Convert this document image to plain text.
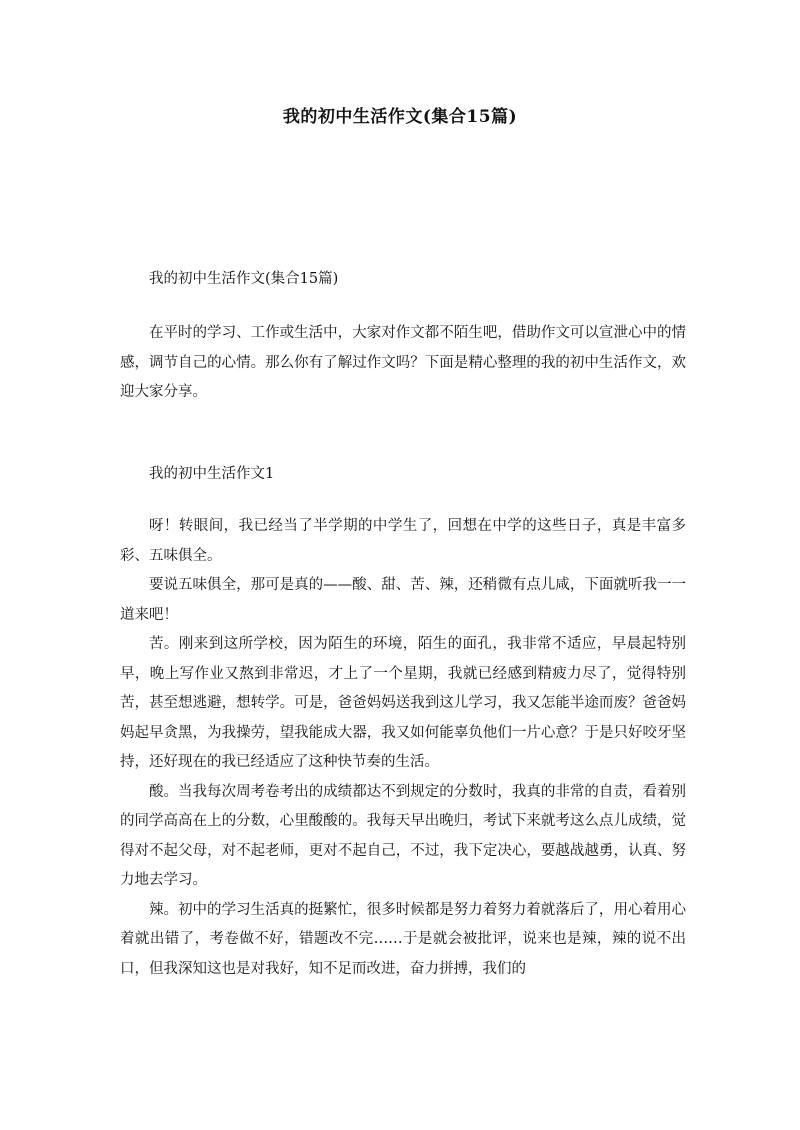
我的初中生活作文(集合15篇)

我的初中生活作文(集合15篇)

在平时的学习、工作或生活中，大家对作文都不陌生吧，借助作文可以宣泄心中的情感，调节自己的心情。那么你有了解过作文吗？下面是精心整理的我的初中生活作文，欢迎大家分享。

我的初中生活作文1

呀！转眼间，我已经当了半学期的中学生了，回想在中学的这些日子，真是丰富多彩、五味俱全。

要说五味俱全，那可是真的——酸、甜、苦、辣，还稍微有点儿咸，下面就听我一一道来吧！

苦。刚来到这所学校，因为陌生的环境，陌生的面孔，我非常不适应，早晨起特别早，晚上写作业又熬到非常迟，才上了一个星期，我就已经感到精疲力尽了，觉得特别苦，甚至想逃避，想转学。可是，爸爸妈妈送我到这儿学习，我又怎能半途而废？爸爸妈妈起早贪黑，为我操劳，望我能成大器，我又如何能辜负他们一片心意？于是只好咬牙坚持，还好现在的我已经适应了这种快节奏的生活。

酸。当我每次周考卷考出的成绩都达不到规定的分数时，我真的非常的自责，看着别的同学高高在上的分数，心里酸酸的。我每天早出晚归，考试下来就考这么点儿成绩，觉得对不起父母，对不起老师，更对不起自己，不过，我下定决心，要越战越勇，认真、努力地去学习。

辣。初中的学习生活真的挺繁忙，很多时候都是努力着努力着就落后了，用心着用心着就出错了，考卷做不好，错题改不完……于是就会被批评，说来也是辣，辣的说不出口，但我深知这也是对我好，知不足而改进，奋力拼搏，我们的
